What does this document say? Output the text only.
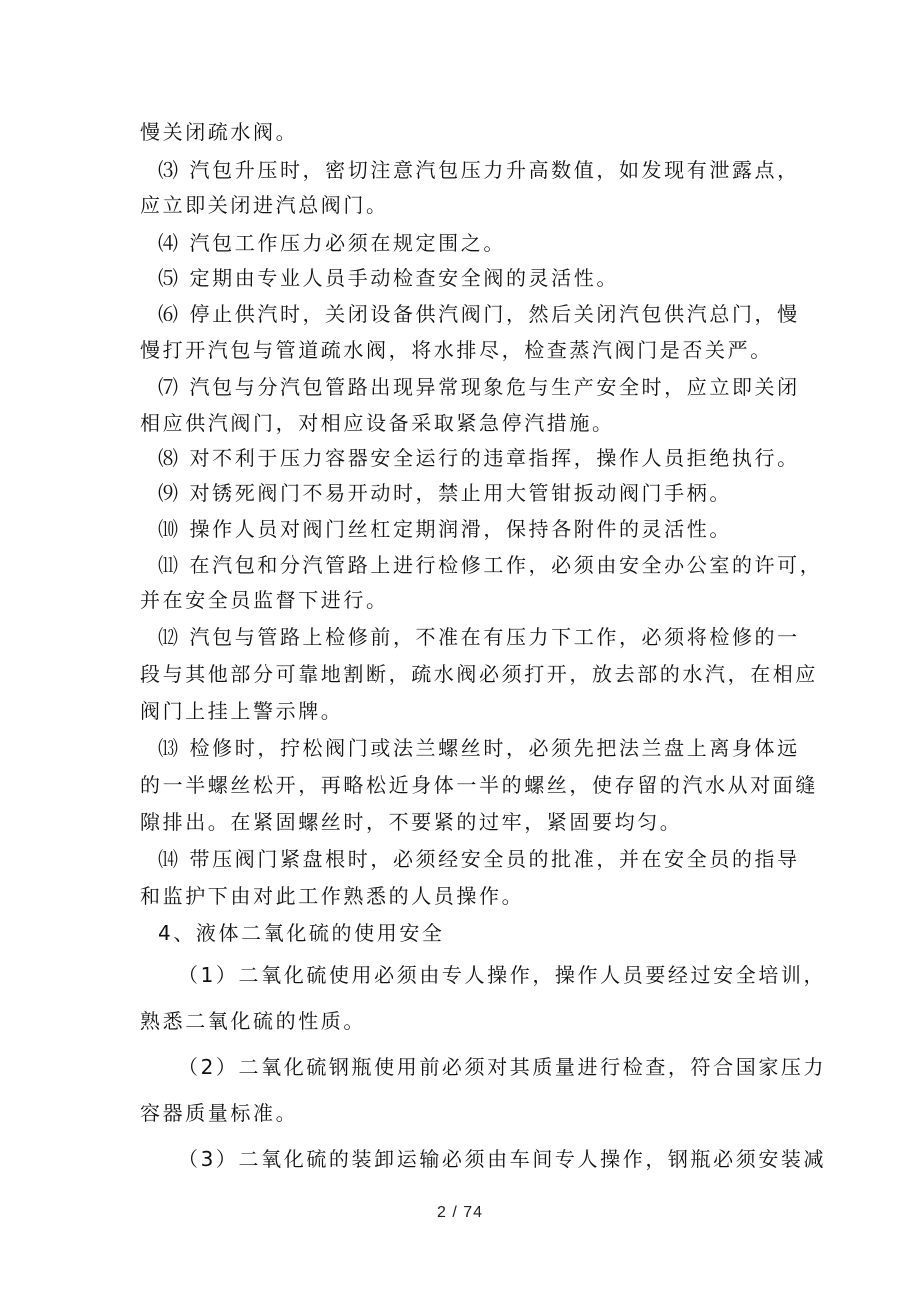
慢关闭疏水阀。
⑶ 汽包升压时，密切注意汽包压力升高数值，如发现有泄露点，
应立即关闭进汽总阀门。
⑷ 汽包工作压力必须在规定围之。
⑸ 定期由专业人员手动检查安全阀的灵活性。
⑹ 停止供汽时，关闭设备供汽阀门，然后关闭汽包供汽总门，慢
慢打开汽包与管道疏水阀，将水排尽，检查蒸汽阀门是否关严。
⑺ 汽包与分汽包管路出现异常现象危与生产安全时，应立即关闭
相应供汽阀门，对相应设备采取紧急停汽措施。
⑻ 对不利于压力容器安全运行的违章指挥，操作人员拒绝执行。
⑼ 对锈死阀门不易开动时，禁止用大管钳扳动阀门手柄。
⑽ 操作人员对阀门丝杠定期润滑，保持各附件的灵活性。
⑾ 在汽包和分汽管路上进行检修工作，必须由安全办公室的许可，
并在安全员监督下进行。
⑿ 汽包与管路上检修前，不准在有压力下工作，必须将检修的一
段与其他部分可靠地割断，疏水阀必须打开，放去部的水汽，在相应
阀门上挂上警示牌。
⒀ 检修时，拧松阀门或法兰螺丝时，必须先把法兰盘上离身体远
的一半螺丝松开，再略松近身体一半的螺丝，使存留的汽水从对面缝
隙排出。在紧固螺丝时，不要紧的过牢，紧固要均匀。
⒁ 带压阀门紧盘根时，必须经安全员的批准，并在安全员的指导
和监护下由对此工作熟悉的人员操作。
4、液体二氧化硫的使用安全
（1）二氧化硫使用必须由专人操作，操作人员要经过安全培训，
熟悉二氧化硫的性质。
（2）二氧化硫钢瓶使用前必须对其质量进行检查，符合国家压力
容器质量标准。
（3）二氧化硫的装卸运输必须由车间专人操作，钢瓶必须安装减
2 / 74
